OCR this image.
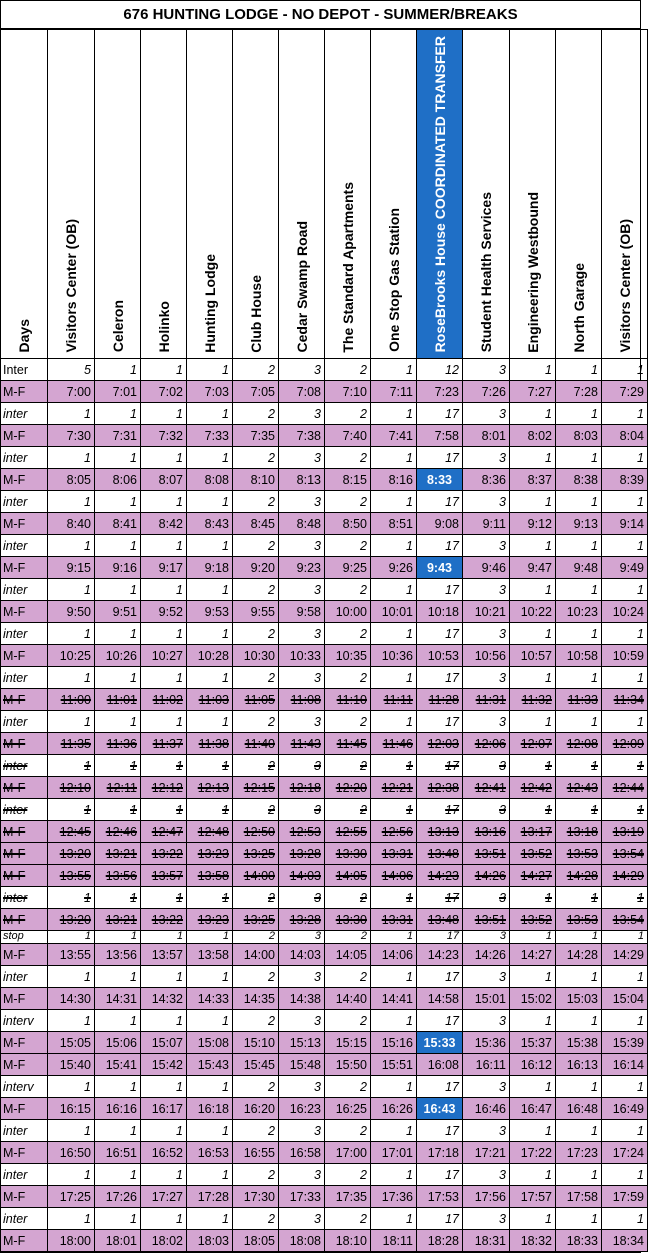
676 HUNTING LODGE - NO DEPOT - SUMMER/BREAKS
Days	Visitors Center (OB)	Celeron	Holinko	Hunting Lodge	Club House	Cedar Swamp Road	The Standard Apartments	One Stop Gas Station	RoseBrooks House COORDINATED TRANSFER	Student Health Services	Engineering Westbound	North Garage	Visitors Center (OB)

Inter	5	1	1	1	2	3	2	1	12	3	1	1	1
M-F	7:00	7:01	7:02	7:03	7:05	7:08	7:10	7:11	7:23	7:26	7:27	7:28	7:29
inter	1	1	1	1	2	3	2	1	17	3	1	1	1
M-F	7:30	7:31	7:32	7:33	7:35	7:38	7:40	7:41	7:58	8:01	8:02	8:03	8:04
inter	1	1	1	1	2	3	2	1	17	3	1	1	1
M-F	8:05	8:06	8:07	8:08	8:10	8:13	8:15	8:16	8:33	8:36	8:37	8:38	8:39
inter	1	1	1	1	2	3	2	1	17	3	1	1	1
M-F	8:40	8:41	8:42	8:43	8:45	8:48	8:50	8:51	9:08	9:11	9:12	9:13	9:14
inter	1	1	1	1	2	3	2	1	17	3	1	1	1
M-F	9:15	9:16	9:17	9:18	9:20	9:23	9:25	9:26	9:43	9:46	9:47	9:48	9:49
inter	1	1	1	1	2	3	2	1	17	3	1	1	1
M-F	9:50	9:51	9:52	9:53	9:55	9:58	10:00	10:01	10:18	10:21	10:22	10:23	10:24
inter	1	1	1	1	2	3	2	1	17	3	1	1	1
M-F	10:25	10:26	10:27	10:28	10:30	10:33	10:35	10:36	10:53	10:56	10:57	10:58	10:59
inter	1	1	1	1	2	3	2	1	17	3	1	1	1
M-F	11:00	11:01	11:02	11:03	11:05	11:08	11:10	11:11	11:28	11:31	11:32	11:33	11:34
inter	1	1	1	1	2	3	2	1	17	3	1	1	1
M-F	11:35	11:36	11:37	11:38	11:40	11:43	11:45	11:46	12:03	12:06	12:07	12:08	12:09
inter	1	1	1	1	2	3	2	1	17	3	1	1	1
M-F	12:10	12:11	12:12	12:13	12:15	12:18	12:20	12:21	12:38	12:41	12:42	12:43	12:44
inter	1	1	1	1	2	3	2	1	17	3	1	1	1
M-F	12:45	12:46	12:47	12:48	12:50	12:53	12:55	12:56	13:13	13:16	13:17	13:18	13:19
M-F	13:20	13:21	13:22	13:23	13:25	13:28	13:30	13:31	13:48	13:51	13:52	13:53	13:54
M-F	13:55	13:56	13:57	13:58	14:00	14:03	14:05	14:06	14:23	14:26	14:27	14:28	14:29
inter	1	1	1	1	2	3	2	1	17	3	1	1	1
M-F	13:20	13:21	13:22	13:23	13:25	13:28	13:30	13:31	13:48	13:51	13:52	13:53	13:54
stop	1	1	1	1	2	3	2	1	17	3	1	1	1
M-F	13:55	13:56	13:57	13:58	14:00	14:03	14:05	14:06	14:23	14:26	14:27	14:28	14:29
inter	1	1	1	1	2	3	2	1	17	3	1	1	1
M-F	14:30	14:31	14:32	14:33	14:35	14:38	14:40	14:41	14:58	15:01	15:02	15:03	15:04
interv	1	1	1	1	2	3	2	1	17	3	1	1	1
M-F	15:05	15:06	15:07	15:08	15:10	15:13	15:15	15:16	15:33	15:36	15:37	15:38	15:39
M-F	15:40	15:41	15:42	15:43	15:45	15:48	15:50	15:51	16:08	16:11	16:12	16:13	16:14
interv	1	1	1	1	2	3	2	1	17	3	1	1	1
M-F	16:15	16:16	16:17	16:18	16:20	16:23	16:25	16:26	16:43	16:46	16:47	16:48	16:49
inter	1	1	1	1	2	3	2	1	17	3	1	1	1
M-F	16:50	16:51	16:52	16:53	16:55	16:58	17:00	17:01	17:18	17:21	17:22	17:23	17:24
inter	1	1	1	1	2	3	2	1	17	3	1	1	1
M-F	17:25	17:26	17:27	17:28	17:30	17:33	17:35	17:36	17:53	17:56	17:57	17:58	17:59
inter	1	1	1	1	2	3	2	1	17	3	1	1	1
M-F	18:00	18:01	18:02	18:03	18:05	18:08	18:10	18:11	18:28	18:31	18:32	18:33	18:34
